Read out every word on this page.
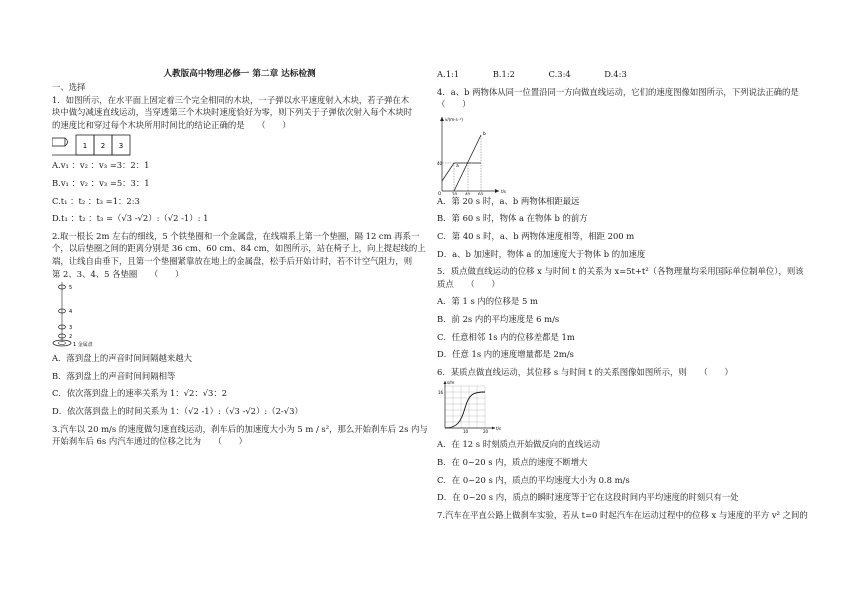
人教版高中物理必修一 第二章 达标检测
一、选择
1．如图所示，在水平面上固定着三个完全相同的木块，一子弹以水平速度射入木块，若子弹在木
块中做匀减速直线运动，当穿透第三个木块时速度恰好为零，则下列关于子弹依次射入每个木块时
的速度比和穿过每个木块所用时间比的结论正确的是　　（　　）
1 2 3
A.v₁ ：v₂ ：v₃ =3：2：1
B.v₁ ：v₂ ：v₃ =5：3：1
C.t₁ ：t₂ ：t₃ =1：2:3
D.t₁ ：t₂ ：t₃ =（√3 -√2）:（√2 -1）: 1
2.取一根长 2m 左右的细线，5 个铁垫圈和一个金属盘，在线端系上第一个垫圈，隔 12 cm 再系一
个，以后垫圈之间的距离分别是 36 cm、60 cm、84 cm，如图所示，站在椅子上，向上提起线的上
端，让线自由垂下，且第一个垫圈紧靠放在地上的金属盘，松手后开始计时，若不计空气阻力，则
第 2、3、4、5 各垫圈　　（　　）
5
4
3
2
1 金属盘
A．落到盘上的声音时间间隔越来越大
B．落到盘上的声音时间间隔相等
C．依次落到盘上的速率关系为 1：√2：√3：2
D．依次落到盘上的时间关系为 1：（√2 -1）:（√3 -√2）:（2-√3）
3.汽车以 20 m/s 的速度做匀速直线运动，刹车后的加速度大小为 5 m / s²，那么开始刹车后 2s 内与
开始刹车后 6s 内汽车通过的位移之比为　　（　　）
A.1:1　　　　B.1:2　　　　C.3:4　　　　D.4:3
4．a、b 两物体从同一位置沿同一方向做直线运动，它们的速度图像如图所示，下列说法正确的是
（　　）
v/(m·s⁻¹)
t/s
O
40
20 40 60
b
a
A．第 20 s 时，a、b 两物体相距最远
B．第 60 s 时，物体 a 在物体 b 的前方
C．第 40 s 时，a、b 两物体速度相等，相距 200 m
D．a、b 加速时，物体 a 的加速度大于物体 b 的加速度
5．质点做直线运动的位移 x 与时间 t 的关系为 x=5t+t²（各物理量均采用国际单位制单位），则该
质点　　（　　）
A．第 1 s 内的位移是 5 m
B．前 2s 内的平均速度是 6 m/s
C．任意相邻 1s 内的位移差都是 1m
D．任意 1s 内的速度增量都是 2m/s
6．某质点做直线运动，其位移 s 与时间 t 的关系图像如图所示，则　　（　　）
s/m
16
10	20
t/s
A．在 12 s 时刻质点开始做反向的直线运动
B．在 0~20 s 内，质点的速度不断增大
C．在 0~20 s 内，质点的平均速度大小为 0.8 m/s
D．在 0~20 s 内，质点的瞬时速度等于它在这段时间内平均速度的时刻只有一处
7.汽车在平直公路上做刹车实验，若从 t=0 时起汽车在运动过程中的位移 x 与速度的平方 v² 之间的
